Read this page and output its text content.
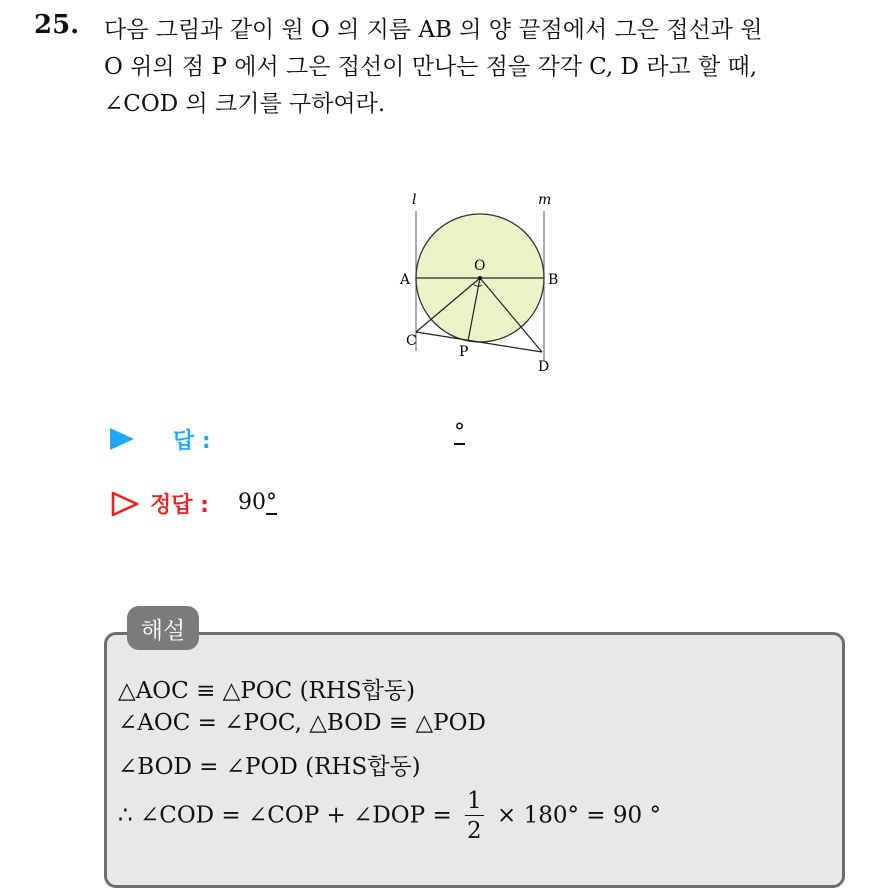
25. 다음 그림과 같이 원 O 의 지름 AB 의 양 끝점에서 그은 접선과 원
O 위의 점 P 에서 그은 접선이 만나는 점을 각각 C, D 라고 할 때,
∠COD 의 크기를 구하여라.
l	m
A	B
O
C
P
D
답 :	°
정답 : 90°
해설
△AOC ≡ △POC (RHS합동)
∠AOC = ∠POC, △BOD ≡ △POD
∠BOD = ∠POD (RHS합동)
∴ ∠COD = ∠COP + ∠DOP = $\frac{1}{2} \times 180^\circ = 90$ °
